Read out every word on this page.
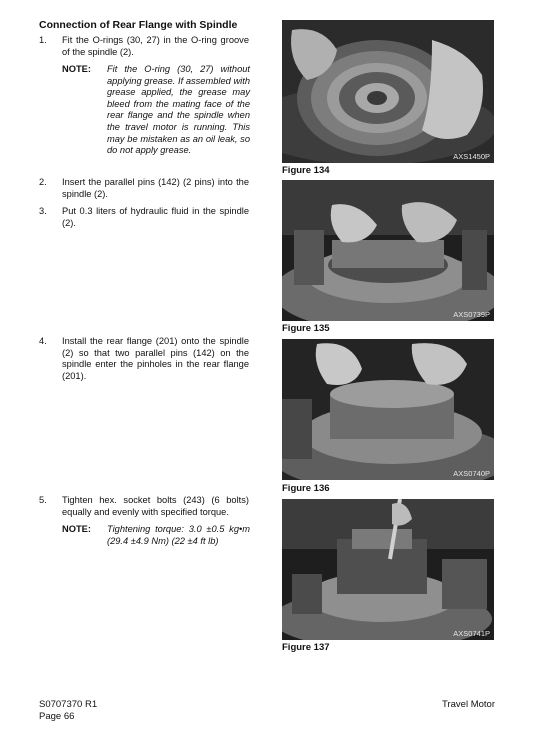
Connection of Rear Flange with Spindle
1. Fit the O-rings (30, 27) in the O-ring groove of the spindle (2).
NOTE: Fit the O-ring (30, 27) without applying grease. If assembled with grease applied, the grease may bleed from the mating face of the rear flange and the spindle when the travel motor is running. This may be mistaken as an oil leak, so do not apply grease.
2. Insert the parallel pins (142) (2 pins) into the spindle (2).
3. Put 0.3 liters of hydraulic fluid in the spindle (2).
4. Install the rear flange (201) onto the spindle (2) so that two parallel pins (142) on the spindle enter the pinholes in the rear flange (201).
5. Tighten hex. socket bolts (243) (6 bolts) equally and evenly with specified torque.
NOTE: Tightening torque: 3.0 ±0.5 kg•m (29.4 ±4.9 Nm) (22 ±4 ft lb)
AXS1450P
Figure 134
AXS0739P
Figure 135
AXS0740P
Figure 136
AXS0741P
Figure 137
S0707370 R1
Page 66
Travel Motor
